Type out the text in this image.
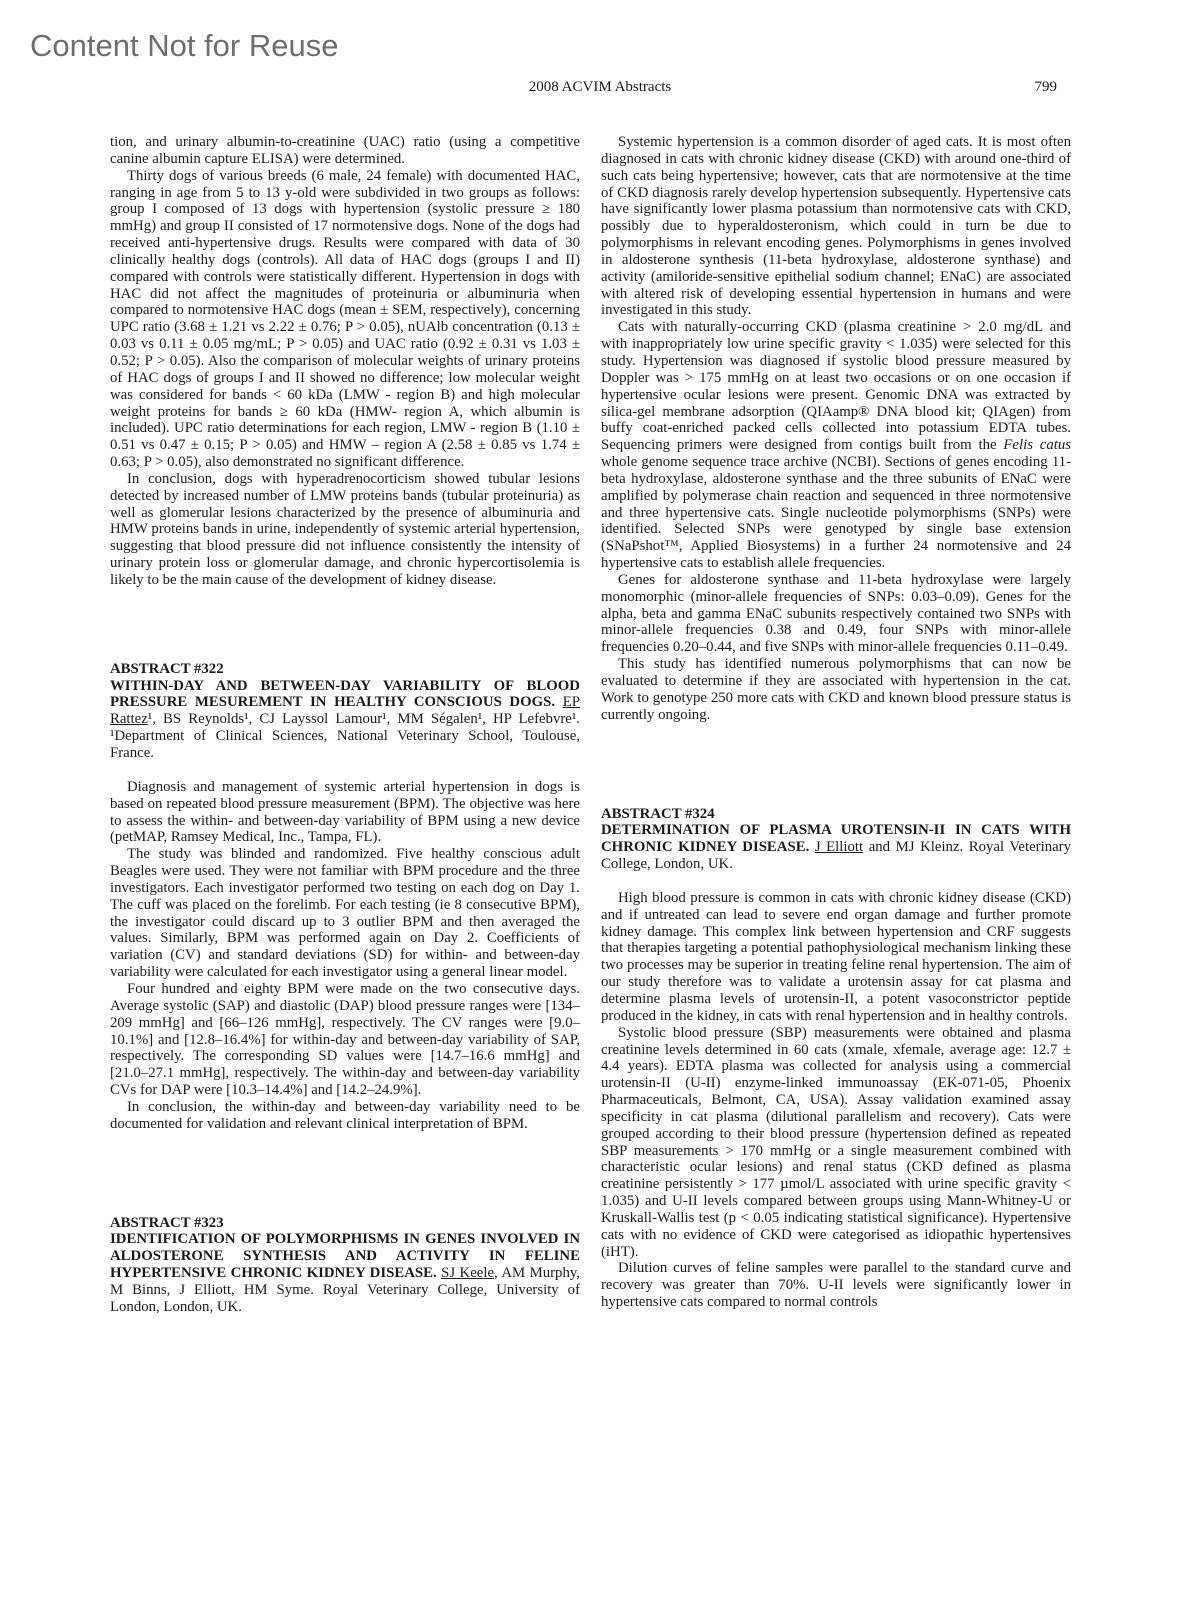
Content Not for Reuse
2008 ACVIM Abstracts	799

tion, and urinary albumin-to-creatinine (UAC) ratio (using a competitive canine albumin capture ELISA) were determined.

Thirty dogs of various breeds (6 male, 24 female) with documented HAC, ranging in age from 5 to 13 y-old were subdivided in two groups as follows: group I composed of 13 dogs with hypertension (systolic pressure ≥ 180 mmHg) and group II consisted of 17 normotensive dogs. None of the dogs had received anti-hypertensive drugs. Results were compared with data of 30 clinically healthy dogs (controls). All data of HAC dogs (groups I and II) compared with controls were statistically different. Hypertension in dogs with HAC did not affect the magnitudes of proteinuria or albuminuria when compared to normotensive HAC dogs (mean ± SEM, respectively), concerning UPC ratio (3.68 ± 1.21 vs 2.22 ± 0.76; P > 0.05), nUAlb concentration (0.13 ± 0.03 vs 0.11 ± 0.05 mg/mL; P > 0.05) and UAC ratio (0.92 ± 0.31 vs 1.03 ± 0.52; P > 0.05). Also the comparison of molecular weights of urinary proteins of HAC dogs of groups I and II showed no difference; low molecular weight was considered for bands < 60 kDa (LMW - region B) and high molecular weight proteins for bands ≥ 60 kDa (HMW- region A, which albumin is included). UPC ratio determinations for each region, LMW - region B (1.10 ± 0.51 vs 0.47 ± 0.15; P > 0.05) and HMW – region A (2.58 ± 0.85 vs 1.74 ± 0.63; P > 0.05), also demonstrated no significant difference.

In conclusion, dogs with hyperadrenocorticism showed tubular lesions detected by increased number of LMW proteins bands (tubular proteinuria) as well as glomerular lesions characterized by the presence of albuminuria and HMW proteins bands in urine, independently of systemic arterial hypertension, suggesting that blood pressure did not influence consistently the intensity of urinary protein loss or glomerular damage, and chronic hypercortisolemia is likely to be the main cause of the development of kidney disease.

ABSTRACT #322
WITHIN-DAY AND BETWEEN-DAY VARIABILITY OF BLOOD PRESSURE MESUREMENT IN HEALTHY CONSCIOUS DOGS. EP Rattez¹, BS Reynolds¹, CJ Layssol Lamour¹, MM Ségalen¹, HP Lefebvre¹. ¹Department of Clinical Sciences, National Veterinary School, Toulouse, France.

Diagnosis and management of systemic arterial hypertension in dogs is based on repeated blood pressure measurement (BPM). The objective was here to assess the within- and between-day variability of BPM using a new device (petMAP, Ramsey Medical, Inc., Tampa, FL).

The study was blinded and randomized. Five healthy conscious adult Beagles were used. They were not familiar with BPM procedure and the three investigators. Each investigator performed two testing on each dog on Day 1. The cuff was placed on the forelimb. For each testing (ie 8 consecutive BPM), the investigator could discard up to 3 outlier BPM and then averaged the values. Similarly, BPM was performed again on Day 2. Coefficients of variation (CV) and standard deviations (SD) for within- and between-day variability were calculated for each investigator using a general linear model.

Four hundred and eighty BPM were made on the two consecutive days. Average systolic (SAP) and diastolic (DAP) blood pressure ranges were [134–209 mmHg] and [66–126 mmHg], respectively. The CV ranges were [9.0–10.1%] and [12.8–16.4%] for within-day and between-day variability of SAP, respectively. The corresponding SD values were [14.7–16.6 mmHg] and [21.0–27.1 mmHg], respectively. The within-day and between-day variability CVs for DAP were [10.3–14.4%] and [14.2–24.9%].

In conclusion, the within-day and between-day variability need to be documented for validation and relevant clinical interpretation of BPM.

ABSTRACT #323
IDENTIFICATION OF POLYMORPHISMS IN GENES INVOLVED IN ALDOSTERONE SYNTHESIS AND ACTIVITY IN FELINE HYPERTENSIVE CHRONIC KIDNEY DISEASE. SJ Keele, AM Murphy, M Binns, J Elliott, HM Syme. Royal Veterinary College, University of London, London, UK.

Systemic hypertension is a common disorder of aged cats. It is most often diagnosed in cats with chronic kidney disease (CKD) with around one-third of such cats being hypertensive; however, cats that are normotensive at the time of CKD diagnosis rarely develop hypertension subsequently. Hypertensive cats have significantly lower plasma potassium than normotensive cats with CKD, possibly due to hyperaldosteronism, which could in turn be due to polymorphisms in relevant encoding genes. Polymorphisms in genes involved in aldosterone synthesis (11-beta hydroxylase, aldosterone synthase) and activity (amiloride-sensitive epithelial sodium channel; ENaC) are associated with altered risk of developing essential hypertension in humans and were investigated in this study.

Cats with naturally-occurring CKD (plasma creatinine > 2.0 mg/dL and with inappropriately low urine specific gravity < 1.035) were selected for this study. Hypertension was diagnosed if systolic blood pressure measured by Doppler was > 175 mmHg on at least two occasions or on one occasion if hypertensive ocular lesions were present. Genomic DNA was extracted by silica-gel membrane adsorption (QIAamp® DNA blood kit; QIAgen) from buffy coat-enriched packed cells collected into potassium EDTA tubes. Sequencing primers were designed from contigs built from the Felis catus whole genome sequence trace archive (NCBI). Sections of genes encoding 11-beta hydroxylase, aldosterone synthase and the three subunits of ENaC were amplified by polymerase chain reaction and sequenced in three normotensive and three hypertensive cats. Single nucleotide polymorphisms (SNPs) were identified. Selected SNPs were genotyped by single base extension (SNaPshot™, Applied Biosystems) in a further 24 normotensive and 24 hypertensive cats to establish allele frequencies.

Genes for aldosterone synthase and 11-beta hydroxylase were largely monomorphic (minor-allele frequencies of SNPs: 0.03–0.09). Genes for the alpha, beta and gamma ENaC subunits respectively contained two SNPs with minor-allele frequencies 0.38 and 0.49, four SNPs with minor-allele frequencies 0.20–0.44, and five SNPs with minor-allele frequencies 0.11–0.49.

This study has identified numerous polymorphisms that can now be evaluated to determine if they are associated with hypertension in the cat. Work to genotype 250 more cats with CKD and known blood pressure status is currently ongoing.

ABSTRACT #324
DETERMINATION OF PLASMA UROTENSIN-II IN CATS WITH CHRONIC KIDNEY DISEASE. J Elliott and MJ Kleinz. Royal Veterinary College, London, UK.

High blood pressure is common in cats with chronic kidney disease (CKD) and if untreated can lead to severe end organ damage and further promote kidney damage. This complex link between hypertension and CRF suggests that therapies targeting a potential pathophysiological mechanism linking these two processes may be superior in treating feline renal hypertension. The aim of our study therefore was to validate a urotensin assay for cat plasma and determine plasma levels of urotensin-II, a potent vasoconstrictor peptide produced in the kidney, in cats with renal hypertension and in healthy controls.

Systolic blood pressure (SBP) measurements were obtained and plasma creatinine levels determined in 60 cats (xmale, xfemale, average age: 12.7 ± 4.4 years). EDTA plasma was collected for analysis using a commercial urotensin-II (U-II) enzyme-linked immunoassay (EK-071-05, Phoenix Pharmaceuticals, Belmont, CA, USA). Assay validation examined assay specificity in cat plasma (dilutional parallelism and recovery). Cats were grouped according to their blood pressure (hypertension defined as repeated SBP measurements > 170 mmHg or a single measurement combined with characteristic ocular lesions) and renal status (CKD defined as plasma creatinine persistently > 177 µmol/L associated with urine specific gravity < 1.035) and U-II levels compared between groups using Mann-Whitney-U or Kruskall-Wallis test (p < 0.05 indicating statistical significance). Hypertensive cats with no evidence of CKD were categorised as idiopathic hypertensives (iHT).

Dilution curves of feline samples were parallel to the standard curve and recovery was greater than 70%. U-II levels were significantly lower in hypertensive cats compared to normal controls
